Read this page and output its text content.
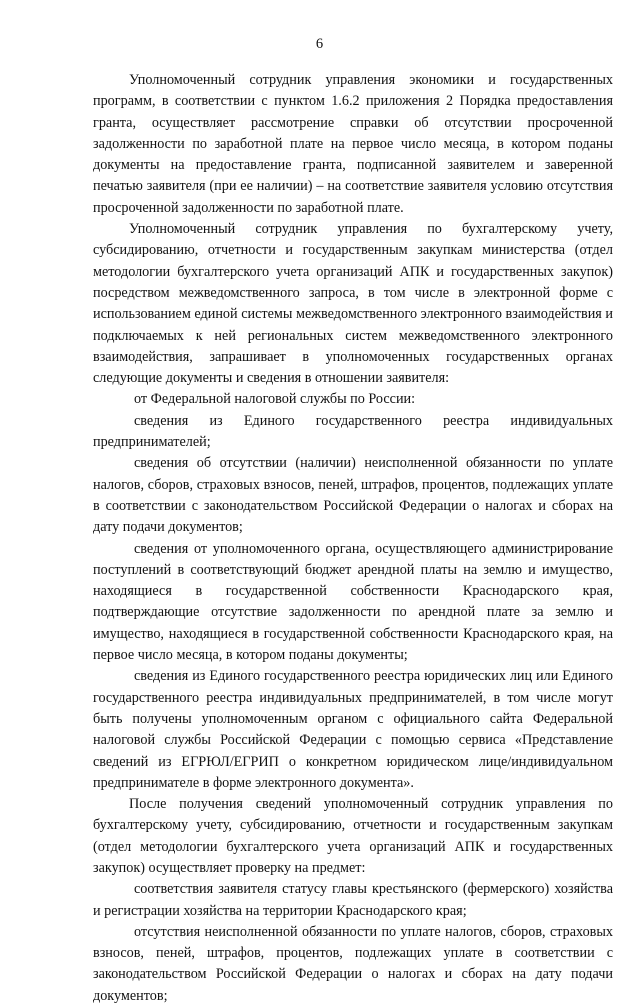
6

Уполномоченный сотрудник управления экономики и государственных программ, в соответствии с пунктом 1.6.2 приложения 2 Порядка предоставления гранта, осуществляет рассмотрение справки об отсутствии просроченной задолженности по заработной плате на первое число месяца, в котором поданы документы на предоставление гранта, подписанной заявителем и заверенной печатью заявителя (при ее наличии) – на соответствие заявителя условию отсутствия просроченной задолженности по заработной плате.

Уполномоченный сотрудник управления по бухгалтерскому учету, субсидированию, отчетности и государственным закупкам министерства (отдел методологии бухгалтерского учета организаций АПК и государственных закупок) посредством межведомственного запроса, в том числе в электронной форме с использованием единой системы межведомственного электронного взаимодействия и подключаемых к ней региональных систем межведомственного электронного взаимодействия, запрашивает в уполномоченных государственных органах следующие документы и сведения в отношении заявителя:

от Федеральной налоговой службы по России:

сведения из Единого государственного реестра индивидуальных предпринимателей;

сведения об отсутствии (наличии) неисполненной обязанности по уплате налогов, сборов, страховых взносов, пеней, штрафов, процентов, подлежащих уплате в соответствии с законодательством Российской Федерации о налогах и сборах на дату подачи документов;

сведения от уполномоченного органа, осуществляющего администрирование поступлений в соответствующий бюджет арендной платы на землю и имущество, находящиеся в государственной собственности Краснодарского края, подтверждающие отсутствие задолженности по арендной плате за землю и имущество, находящиеся в государственной собственности Краснодарского края, на первое число месяца, в котором поданы документы;

сведения из Единого государственного реестра юридических лиц или Единого государственного реестра индивидуальных предпринимателей, в том числе могут быть получены уполномоченным органом с официального сайта Федеральной налоговой службы Российской Федерации с помощью сервиса «Представление сведений из ЕГРЮЛ/ЕГРИП о конкретном юридическом лице/индивидуальном предпринимателе в форме электронного документа».

После получения сведений уполномоченный сотрудник управления по бухгалтерскому учету, субсидированию, отчетности и государственным закупкам (отдел методологии бухгалтерского учета организаций АПК и государственных закупок) осуществляет проверку на предмет:

соответствия заявителя статусу главы крестьянского (фермерского) хозяйства и регистрации хозяйства на территории Краснодарского края;

отсутствия неисполненной обязанности по уплате налогов, сборов, страховых взносов, пеней, штрафов, процентов, подлежащих уплате в соответствии с законодательством Российской Федерации о налогах и сборах на дату подачи документов;
